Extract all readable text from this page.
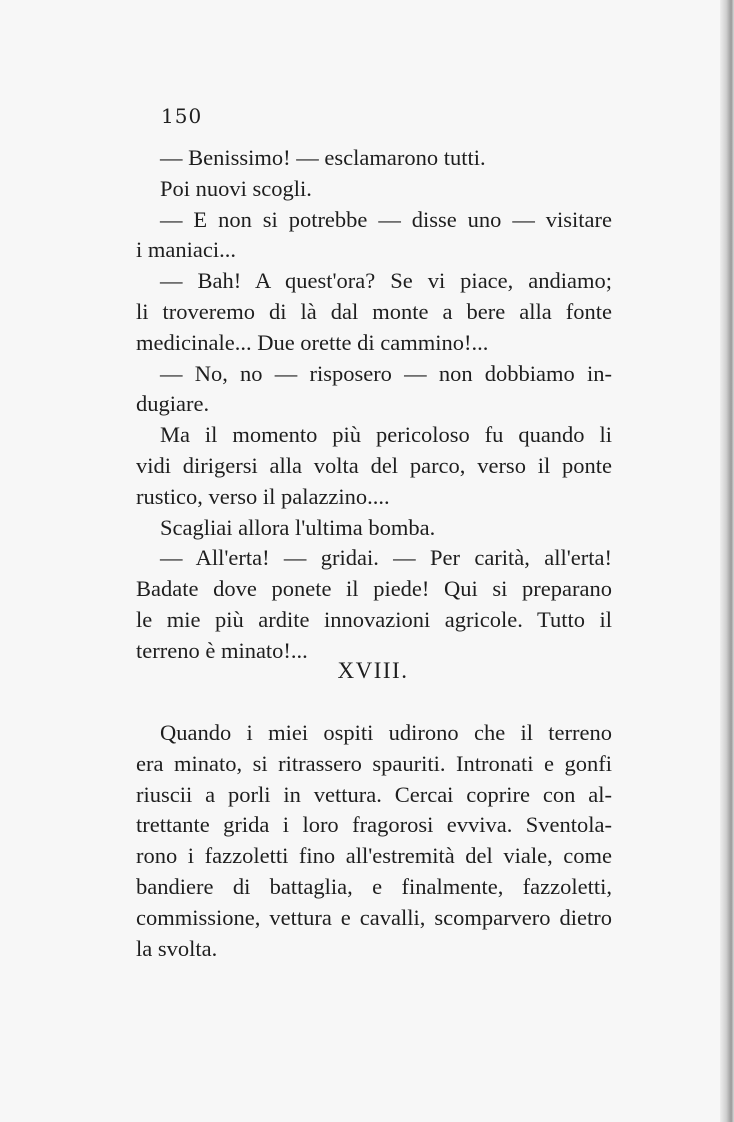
150
— Benissimo! — esclamarono tutti.
Poi nuovi scogli.
— E non si potrebbe — disse uno — visitare
i maniaci...
— Bah! A quest'ora? Se vi piace, andiamo;
li troveremo di là dal monte a bere alla fonte
medicinale... Due orette di cammino!...
— No, no — risposero — non dobbiamo in-
dugiare.
Ma il momento più pericoloso fu quando li
vidi dirigersi alla volta del parco, verso il ponte
rustico, verso il palazzino....
Scagliai allora l'ultima bomba.
— All'erta! — gridai. — Per carità, all'erta!
Badate dove ponete il piede! Qui si preparano
le mie più ardite innovazioni agricole. Tutto il
terreno è minato!...
XVIII.
Quando i miei ospiti udirono che il terreno
era minato, si ritrassero spauriti. Intronati e gonfi
riuscii a porli in vettura. Cercai coprire con al-
trettante grida i loro fragorosi evviva. Sventola-
rono i fazzoletti fino all'estremità del viale, come
bandiere di battaglia, e finalmente, fazzoletti,
commissione, vettura e cavalli, scomparvero dietro
la svolta.
